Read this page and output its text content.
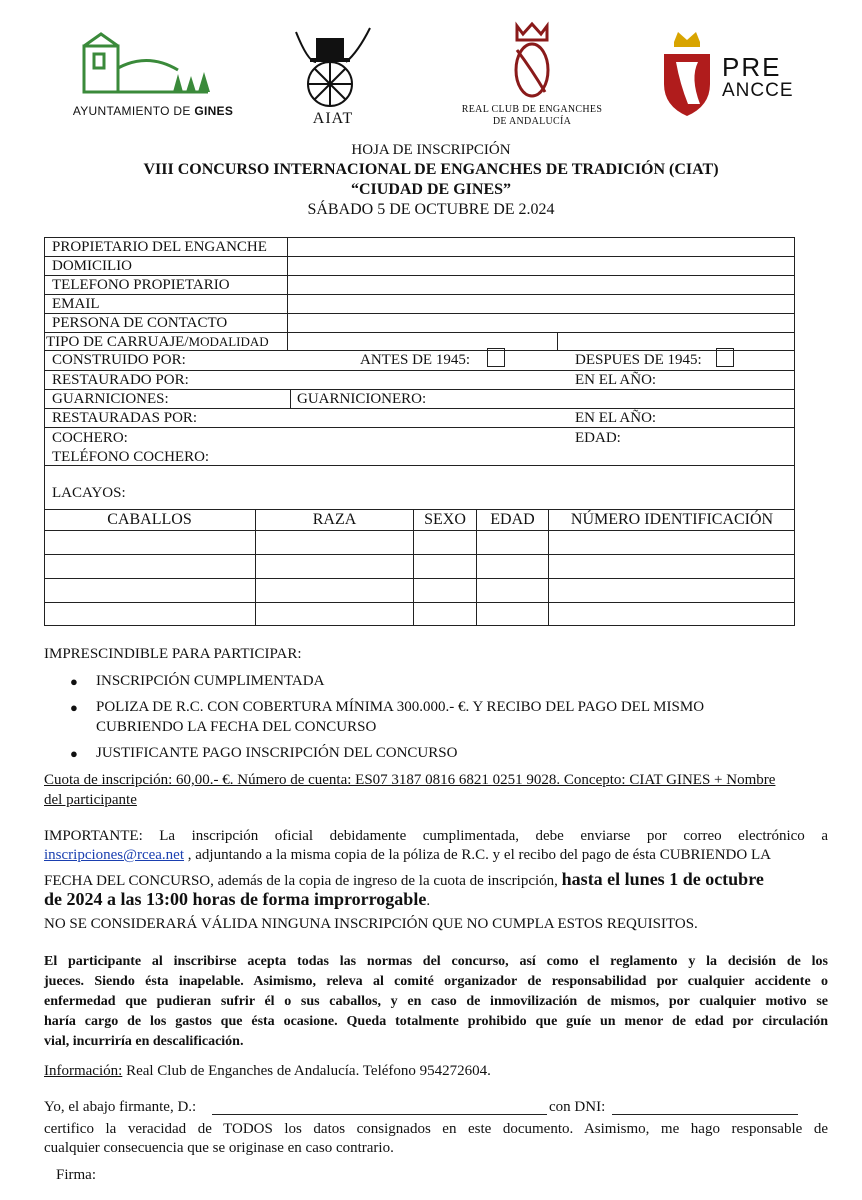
AYUNTAMIENTO DE GINES	AIAT
REAL CLUB DE ENGANCHES
DE ANDALUCÍA
PRE
ANCCE
HOJA DE INSCRIPCIÓN
VIII CONCURSO INTERNACIONAL DE ENGANCHES DE TRADICIÓN (CIAT)
“CIUDAD DE GINES”
SÁBADO 5 DE OCTUBRE DE 2.024
PROPIETARIO DEL ENGANCHE
DOMICILIO
TELEFONO PROPIETARIO
EMAIL
PERSONA DE CONTACTO
TIPO DE CARRUAJE/MODALIDAD
CONSTRUIDO POR:	ANTES DE 1945:	DESPUES DE 1945:
RESTAURADO POR:	EN EL AÑO:
GUARNICIONES:	GUARNICIONERO:
RESTAURADAS POR:	EN EL AÑO:
COCHERO:	EDAD:
TELÉFONO COCHERO:
LACAYOS:
CABALLOS	RAZA	SEXO	EDAD	NÚMERO IDENTIFICACIÓN
IMPRESCINDIBLE PARA PARTICIPAR:
● INSCRIPCIÓN CUMPLIMENTADA
● POLIZA DE R.C. CON COBERTURA MÍNIMA 300.000.- €. Y RECIBO DEL PAGO DEL MISMO
CUBRIENDO LA FECHA DEL CONCURSO
● JUSTIFICANTE PAGO INSCRIPCIÓN DEL CONCURSO
Cuota de inscripción: 60,00.- €. Número de cuenta: ES07 3187 0816 6821 0251 9028. Concepto: CIAT GINES + Nombre
del participante
IMPORTANTE: La inscripción oficial debidamente cumplimentada, debe enviarse por correo electrónico a
inscripciones@rcea.net , adjuntando a la misma copia de la póliza de R.C. y el recibo del pago de ésta CUBRIENDO LA
FECHA DEL CONCURSO, además de la copia de ingreso de la cuota de inscripción, hasta el lunes 1 de octubre
de 2024 a las 13:00 horas de forma improrrogable.
NO SE CONSIDERARÁ VÁLIDA NINGUNA INSCRIPCIÓN QUE NO CUMPLA ESTOS REQUISITOS.
El participante al inscribirse acepta todas las normas del concurso, así como el reglamento y la decisión de los
jueces. Siendo ésta inapelable. Asimismo, releva al comité organizador de responsabilidad por cualquier accidente o
enfermedad que pudieran sufrir él o sus caballos, y en caso de inmovilización de mismos, por cualquier motivo se
haría cargo de los gastos que ésta ocasione. Queda totalmente prohibido que guíe un menor de edad por circulación
vial, incurriría en descalificación.
Información: Real Club de Enganches de Andalucía. Teléfono 954272604.
Yo, el abajo firmante, D.:	con DNI:
certifico la veracidad de TODOS los datos consignados en este documento. Asimismo, me hago responsable de
cualquier consecuencia que se originase en caso contrario.
Firma:
